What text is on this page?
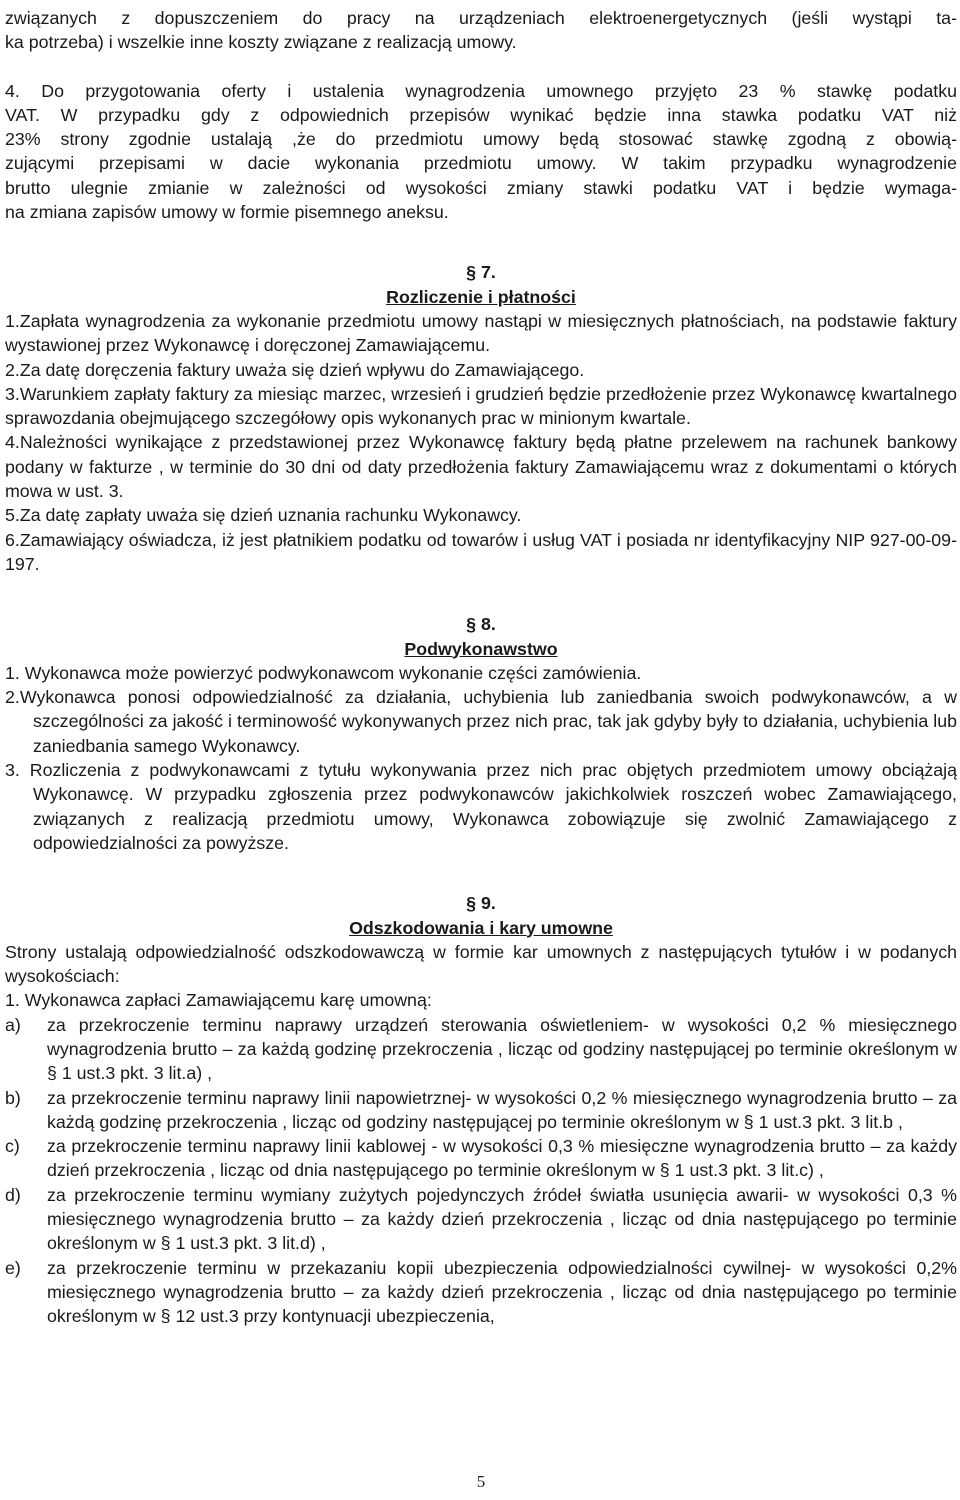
związanych z dopuszczeniem do pracy na urządzeniach elektroenergetycznych (jeśli wystąpi ta-

ka potrzeba) i wszelkie inne koszty związane z realizacją umowy.

4. Do przygotowania oferty i ustalenia wynagrodzenia umownego przyjęto 23 % stawkę podatku

VAT. W przypadku gdy z odpowiednich przepisów wynikać będzie inna stawka podatku VAT niż

23% strony zgodnie ustalają ,że do przedmiotu umowy będą stosować stawkę zgodną z obowią-

zującymi przepisami w dacie wykonania przedmiotu umowy. W takim przypadku wynagrodzenie

brutto ulegnie zmianie w zależności od wysokości zmiany stawki podatku VAT i będzie wymaga-

na zmiana zapisów umowy w formie pisemnego aneksu.

§ 7.

Rozliczenie i płatności

1.Zapłata wynagrodzenia za wykonanie przedmiotu umowy nastąpi w miesięcznych płatnościach, na podstawie faktury wystawionej przez Wykonawcę i doręczonej Zamawiającemu.

2.Za datę doręczenia faktury uważa się dzień wpływu do Zamawiającego.

3.Warunkiem zapłaty faktury za miesiąc marzec, wrzesień i grudzień będzie przedłożenie przez Wykonawcę kwartalnego sprawozdania obejmującego szczegółowy opis wykonanych prac w minionym kwartale.

4.Należności wynikające z przedstawionej przez Wykonawcę faktury będą płatne przelewem na rachunek bankowy podany w fakturze , w terminie do 30 dni od daty przedłożenia faktury Zamawiającemu wraz z dokumentami o których mowa w ust. 3.

5.Za datę zapłaty uważa się dzień uznania rachunku Wykonawcy.

6.Zamawiający oświadcza, iż jest płatnikiem podatku od towarów i usług VAT i posiada nr identyfikacyjny NIP 927-00-09-197.

§ 8.

Podwykonawstwo

1. Wykonawca może powierzyć podwykonawcom wykonanie części zamówienia.

2.Wykonawca ponosi odpowiedzialność za działania, uchybienia lub zaniedbania swoich podwykonawców, a w szczególności za jakość i terminowość wykonywanych przez nich prac, tak jak gdyby były to działania, uchybienia lub zaniedbania samego Wykonawcy.

3. Rozliczenia z podwykonawcami z tytułu wykonywania przez nich prac objętych przedmiotem umowy obciążają Wykonawcę. W przypadku zgłoszenia przez podwykonawców jakichkolwiek roszczeń wobec Zamawiającego, związanych z realizacją przedmiotu umowy, Wykonawca zobowiązuje się zwolnić Zamawiającego z odpowiedzialności za powyższe.

§ 9.

Odszkodowania i kary umowne

Strony ustalają odpowiedzialność odszkodowawczą w formie kar umownych z następujących tytułów i w podanych wysokościach:

1. Wykonawca zapłaci Zamawiającemu karę umowną:

a)	za przekroczenie terminu naprawy urządzeń sterowania oświetleniem- w wysokości 0,2 % miesięcznego wynagrodzenia brutto – za każdą godzinę przekroczenia , licząc od godziny następującej po terminie określonym w § 1 ust.3 pkt. 3 lit.a) ,
b)	za przekroczenie terminu naprawy linii napowietrznej- w wysokości 0,2 % miesięcznego wynagrodzenia brutto – za każdą godzinę przekroczenia , licząc od godziny następującej po terminie określonym w § 1 ust.3 pkt. 3 lit.b ,
c)	za przekroczenie terminu naprawy linii kablowej - w wysokości 0,3 % miesięczne wynagrodzenia brutto – za każdy dzień przekroczenia , licząc od dnia następującego po terminie określonym w § 1 ust.3 pkt. 3 lit.c) ,
d)	za przekroczenie terminu wymiany zużytych pojedynczych źródeł światła usunięcia awarii- w wysokości 0,3 % miesięcznego wynagrodzenia brutto – za każdy dzień przekroczenia , licząc od dnia następującego po terminie określonym w § 1 ust.3 pkt. 3 lit.d) ,
e)	za przekroczenie terminu w przekazaniu kopii ubezpieczenia odpowiedzialności cywilnej- w wysokości 0,2% miesięcznego wynagrodzenia brutto – za każdy dzień przekroczenia , licząc od dnia następującego po terminie określonym w § 12 ust.3 przy kontynuacji ubezpieczenia,
5
